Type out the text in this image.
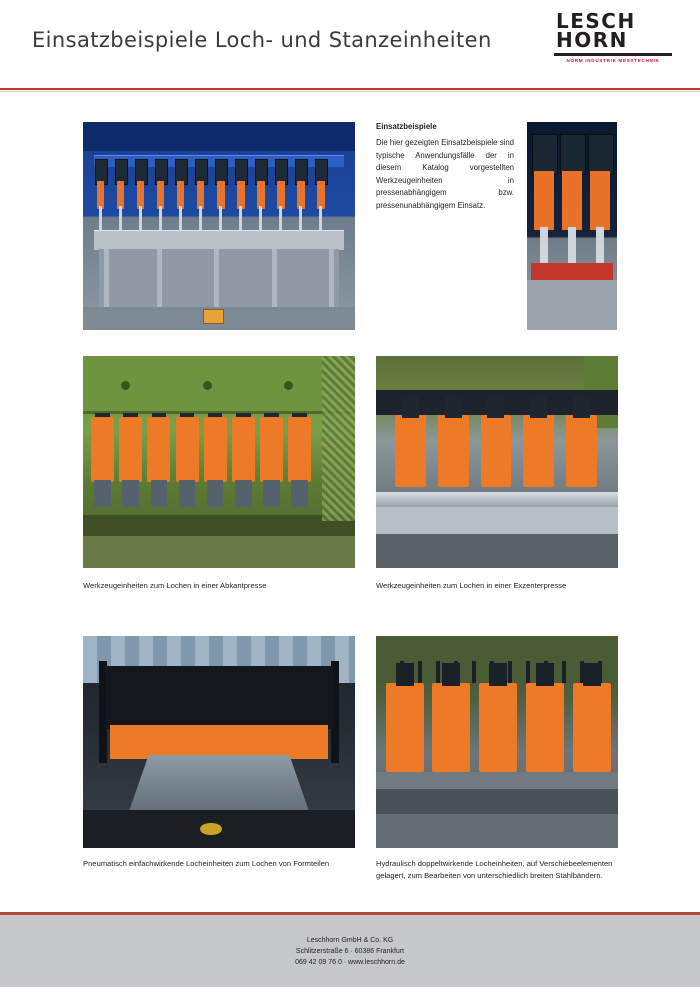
Einsatzbeispiele Loch- und Stanzeinheiten
LESCH
HORN
NORM INDUSTRIE MESSTECHNIK
Einsatzbeispiele
Die hier gezeigten Einsatzbeispiele sind typische Anwendungsfälle der in diesem Katalog vorgestellten Werkzeugeinheiten in pressenabhängigem bzw. pressenunabhängigem Einsatz.
Werkzeugeinheiten zum Lochen in einer Abkantpresse	Werkzeugeinheiten zum Lochen in einer Exzenterpresse
Pneumatisch einfachwirkende Locheinheiten zum Lochen von Formteilen	Hydraulisch doppeltwirkende Locheinheiten, auf Verschiebeelementen gelagert, zum Bearbeiten von unterschiedlich breiten Stahlbändern.
Leschhorn GmbH & Co. KG
Schlitzerstraße 6 · 60386 Frankfurt
069 42 09 76 0 · www.leschhorn.de
